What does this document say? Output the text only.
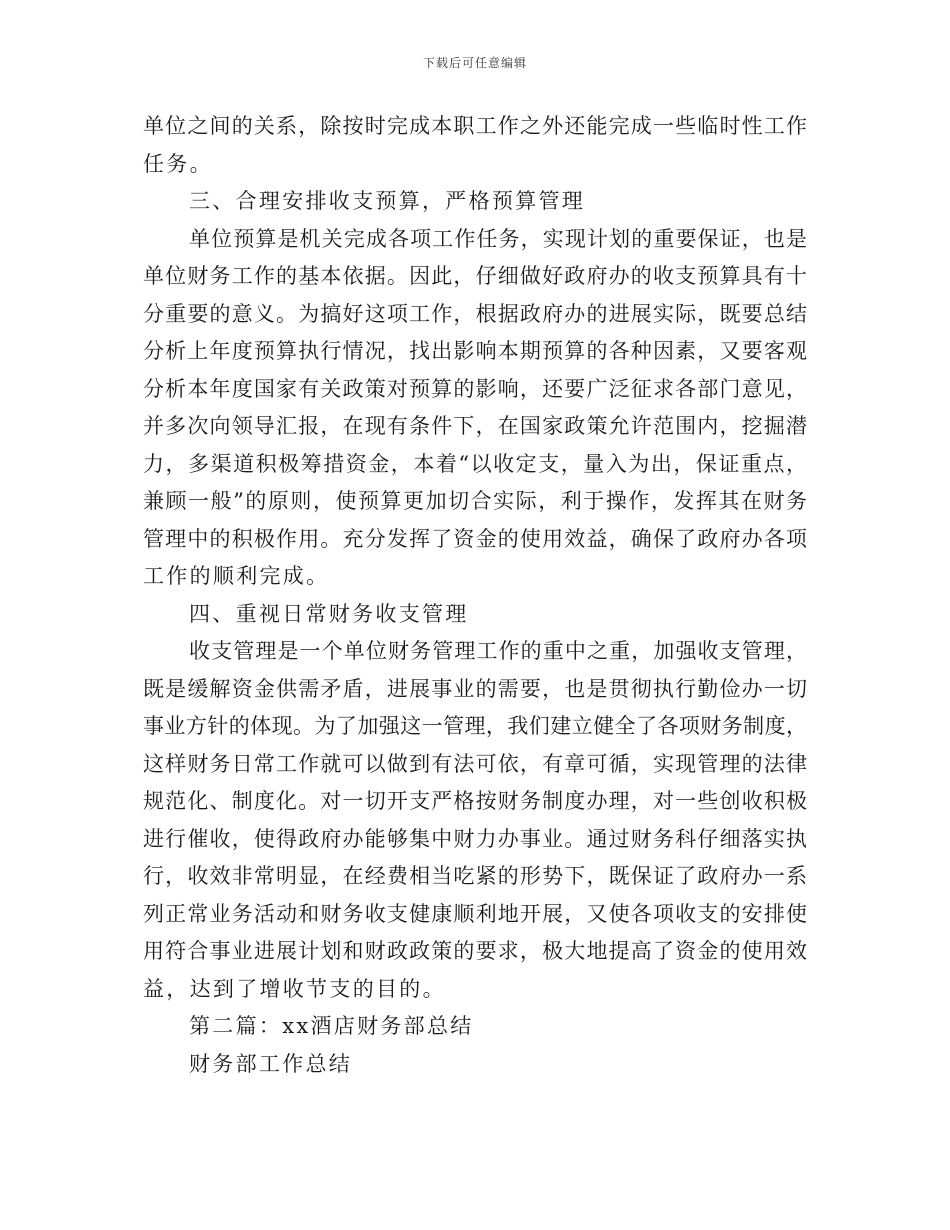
下载后可任意编辑
单位之间的关系，除按时完成本职工作之外还能完成一些临时性工作
任务。
三、合理安排收支预算，严格预算管理
单位预算是机关完成各项工作任务，实现计划的重要保证，也是
单位财务工作的基本依据。因此，仔细做好政府办的收支预算具有十
分重要的意义。为搞好这项工作，根据政府办的进展实际，既要总结
分析上年度预算执行情况，找出影响本期预算的各种因素，又要客观
分析本年度国家有关政策对预算的影响，还要广泛征求各部门意见，
并多次向领导汇报，在现有条件下，在国家政策允许范围内，挖掘潜
力，多渠道积极筹措资金，本着“以收定支，量入为出，保证重点，
兼顾一般”的原则，使预算更加切合实际，利于操作，发挥其在财务
管理中的积极作用。充分发挥了资金的使用效益，确保了政府办各项
工作的顺利完成。
四、重视日常财务收支管理
收支管理是一个单位财务管理工作的重中之重，加强收支管理，
既是缓解资金供需矛盾，进展事业的需要，也是贯彻执行勤俭办一切
事业方针的体现。为了加强这一管理，我们建立健全了各项财务制度，
这样财务日常工作就可以做到有法可依，有章可循，实现管理的法律
规范化、制度化。对一切开支严格按财务制度办理，对一些创收积极
进行催收，使得政府办能够集中财力办事业。通过财务科仔细落实执
行，收效非常明显，在经费相当吃紧的形势下，既保证了政府办一系
列正常业务活动和财务收支健康顺利地开展，又使各项收支的安排使
用符合事业进展计划和财政政策的要求，极大地提高了资金的使用效
益，达到了增收节支的目的。
第二篇：xx酒店财务部总结
财务部工作总结
